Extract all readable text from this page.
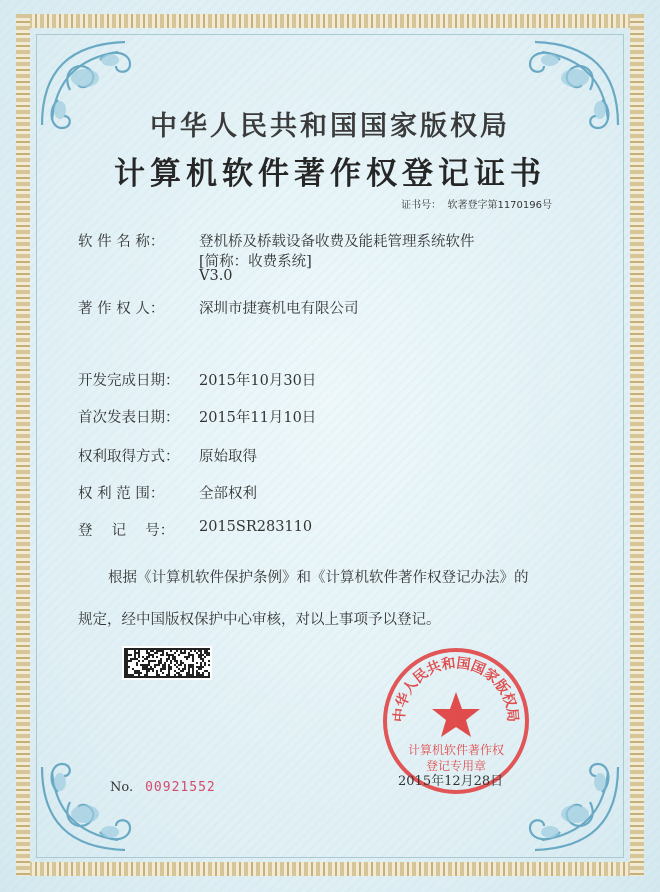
中华人民共和国国家版权局
计算机软件著作权登记证书
证书号： 软著登字第1170196号
软 件 名 称：	登机桥及桥载设备收费及能耗管理系统软件
[简称：收费系统]
V3.0
著 作 权 人：	深圳市捷赛机电有限公司
开发完成日期：	2015年10月30日
首次发表日期：	2015年11月10日
权利取得方式：	原始取得
权 利 范 围：	全部权利
登　 记　 号：	2015SR283110
根据《计算机软件保护条例》和《计算机软件著作权登记办法》的
规定，经中国版权保护中心审核，对以上事项予以登记。
No. 00921552
中华人民共和国国家版权局
计算机软件著作权
登记专用章
2015年12月28日
